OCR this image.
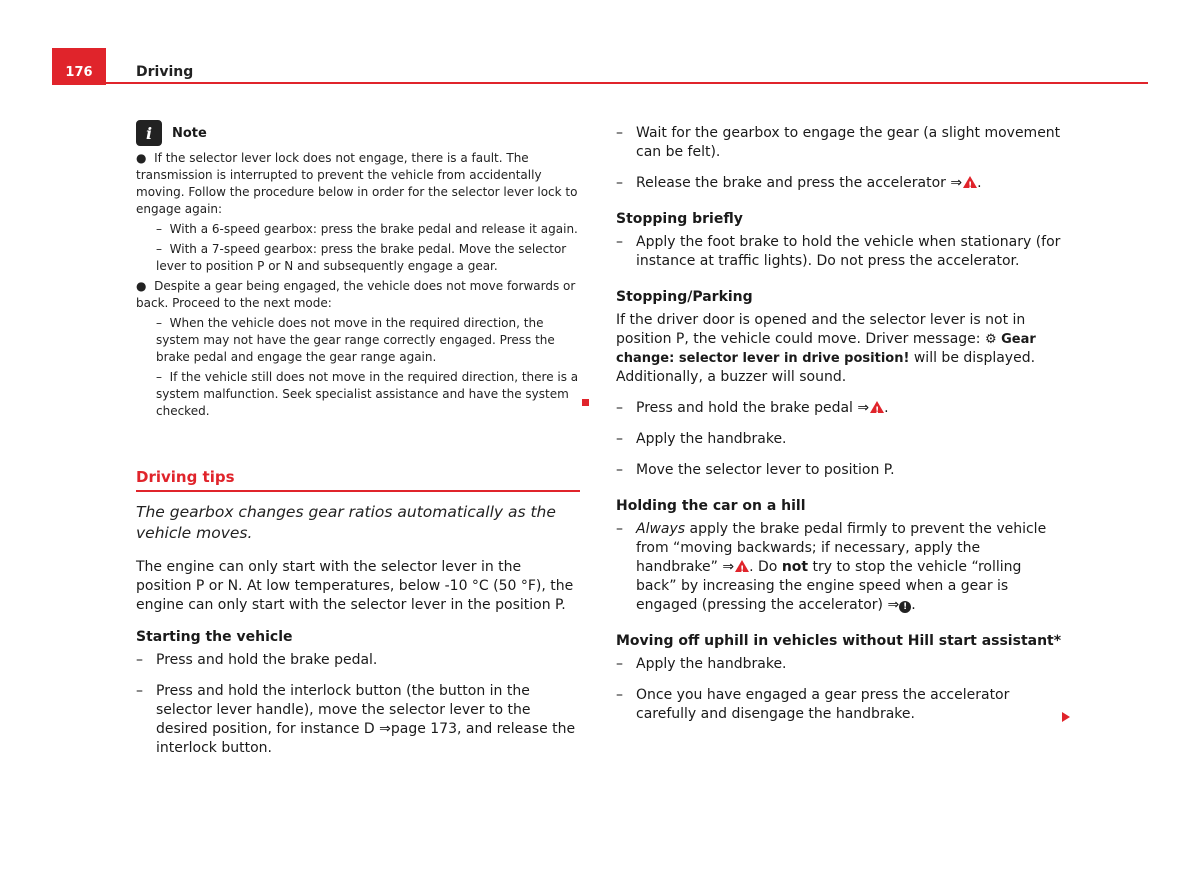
176	Driving
i	Note

●  If the selector lever lock does not engage, there is a fault. The transmission is interrupted to prevent the vehicle from accidentally moving. Follow the procedure below in order for the selector lever lock to engage again:

–  With a 6-speed gearbox: press the brake pedal and release it again.

–  With a 7-speed gearbox: press the brake pedal. Move the selector lever to position P or N and subsequently engage a gear.

●  Despite a gear being engaged, the vehicle does not move forwards or back. Proceed to the next mode:

–  When the vehicle does not move in the required direction, the system may not have the gear range correctly engaged. Press the brake pedal and engage the gear range again.

–  If the vehicle still does not move in the required direction, there is a system malfunction. Seek specialist assistance and have the system checked.

Driving tips

The gearbox changes gear ratios automatically as the vehicle moves.

The engine can only start with the selector lever in the position P or N. At low temperatures, below -10 °C (50 °F), the engine can only start with the selector lever in the position P.

Starting the vehicle

– Press and hold the brake pedal.
– Press and hold the interlock button (the button in the selector lever handle), move the selector lever to the desired position, for instance D ⇒page 173, and release the interlock button.
– Wait for the gearbox to engage the gear (a slight movement can be felt).
– Release the brake and press the accelerator ⇒ ! .

Stopping briefly

– Apply the foot brake to hold the vehicle when stationary (for instance at traffic lights). Do not press the accelerator.

Stopping/Parking

If the driver door is opened and the selector lever is not in position P, the vehicle could move. Driver message: ⚙ Gear change: selector lever in drive position! will be displayed. Additionally, a buzzer will sound.

– Press and hold the brake pedal ⇒ ! .
– Apply the handbrake.
– Move the selector lever to position P.

Holding the car on a hill

– Always apply the brake pedal firmly to prevent the vehicle from “moving backwards; if necessary, apply the handbrake” ⇒ ! . Do not try to stop the vehicle “rolling back” by increasing the engine speed when a gear is engaged (pressing the accelerator) ⇒ ! .

Moving off uphill in vehicles without Hill start assistant*

– Apply the handbrake.
– Once you have engaged a gear press the accelerator carefully and disengage the handbrake.
